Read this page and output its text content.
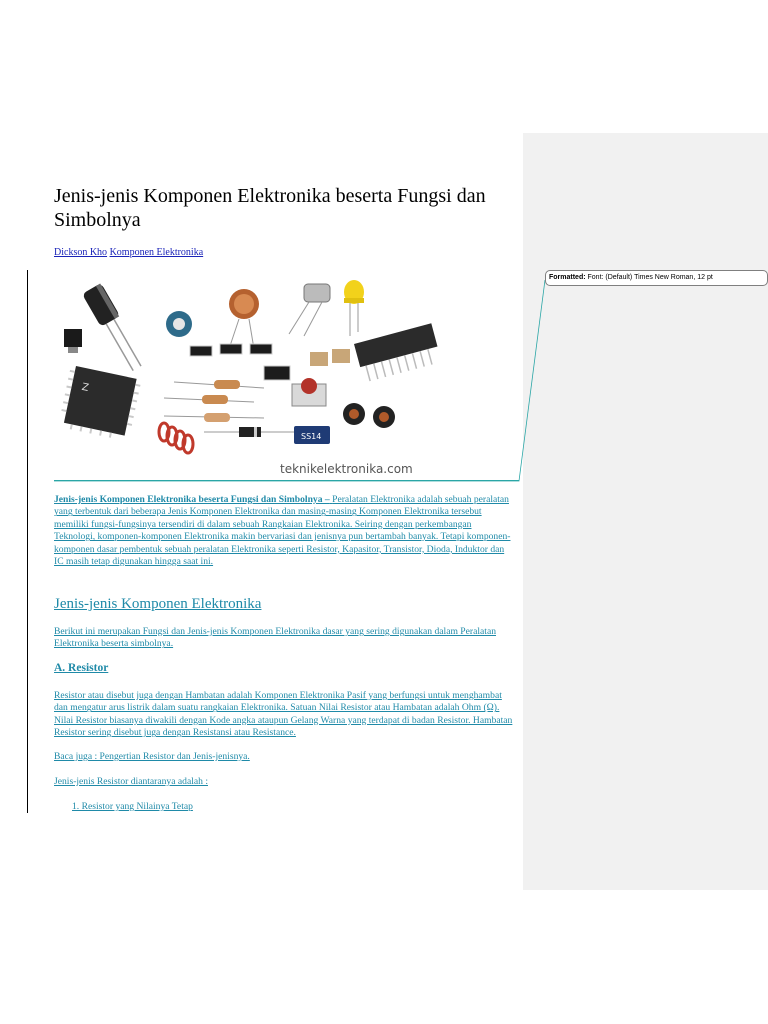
Formatted: Font: (Default) Times New Roman, 12 pt
Jenis-jenis Komponen Elektronika beserta Fungsi dan Simbolnya
Dickson Kho Komponen Elektronika
Z
SS14
teknikelektronika.com
Jenis-jenis Komponen Elektronika beserta Fungsi dan Simbolnya – Peralatan Elektronika adalah sebuah peralatan yang terbentuk dari beberapa Jenis Komponen Elektronika dan masing-masing Komponen Elektronika tersebut memiliki fungsi-fungsinya tersendiri di dalam sebuah Rangkaian Elektronika. Seiring dengan perkembangan Teknologi, komponen-komponen Elektronika makin bervariasi dan jenisnya pun bertambah banyak. Tetapi komponen-komponen dasar pembentuk sebuah peralatan Elektronika seperti Resistor, Kapasitor, Transistor, Dioda, Induktor dan IC masih tetap digunakan hingga saat ini.
Jenis-jenis Komponen Elektronika
Berikut ini merupakan Fungsi dan Jenis-jenis Komponen Elektronika dasar yang sering digunakan dalam Peralatan Elektronika beserta simbolnya.
A. Resistor
Resistor atau disebut juga dengan Hambatan adalah Komponen Elektronika Pasif yang berfungsi untuk menghambat dan mengatur arus listrik dalam suatu rangkaian Elektronika. Satuan Nilai Resistor atau Hambatan adalah Ohm (Ω). Nilai Resistor biasanya diwakili dengan Kode angka ataupun Gelang Warna yang terdapat di badan Resistor. Hambatan Resistor sering disebut juga dengan Resistansi atau Resistance.
Baca juga : Pengertian Resistor dan Jenis-jenisnya.
Jenis-jenis Resistor diantaranya adalah :
1. Resistor yang Nilainya Tetap
